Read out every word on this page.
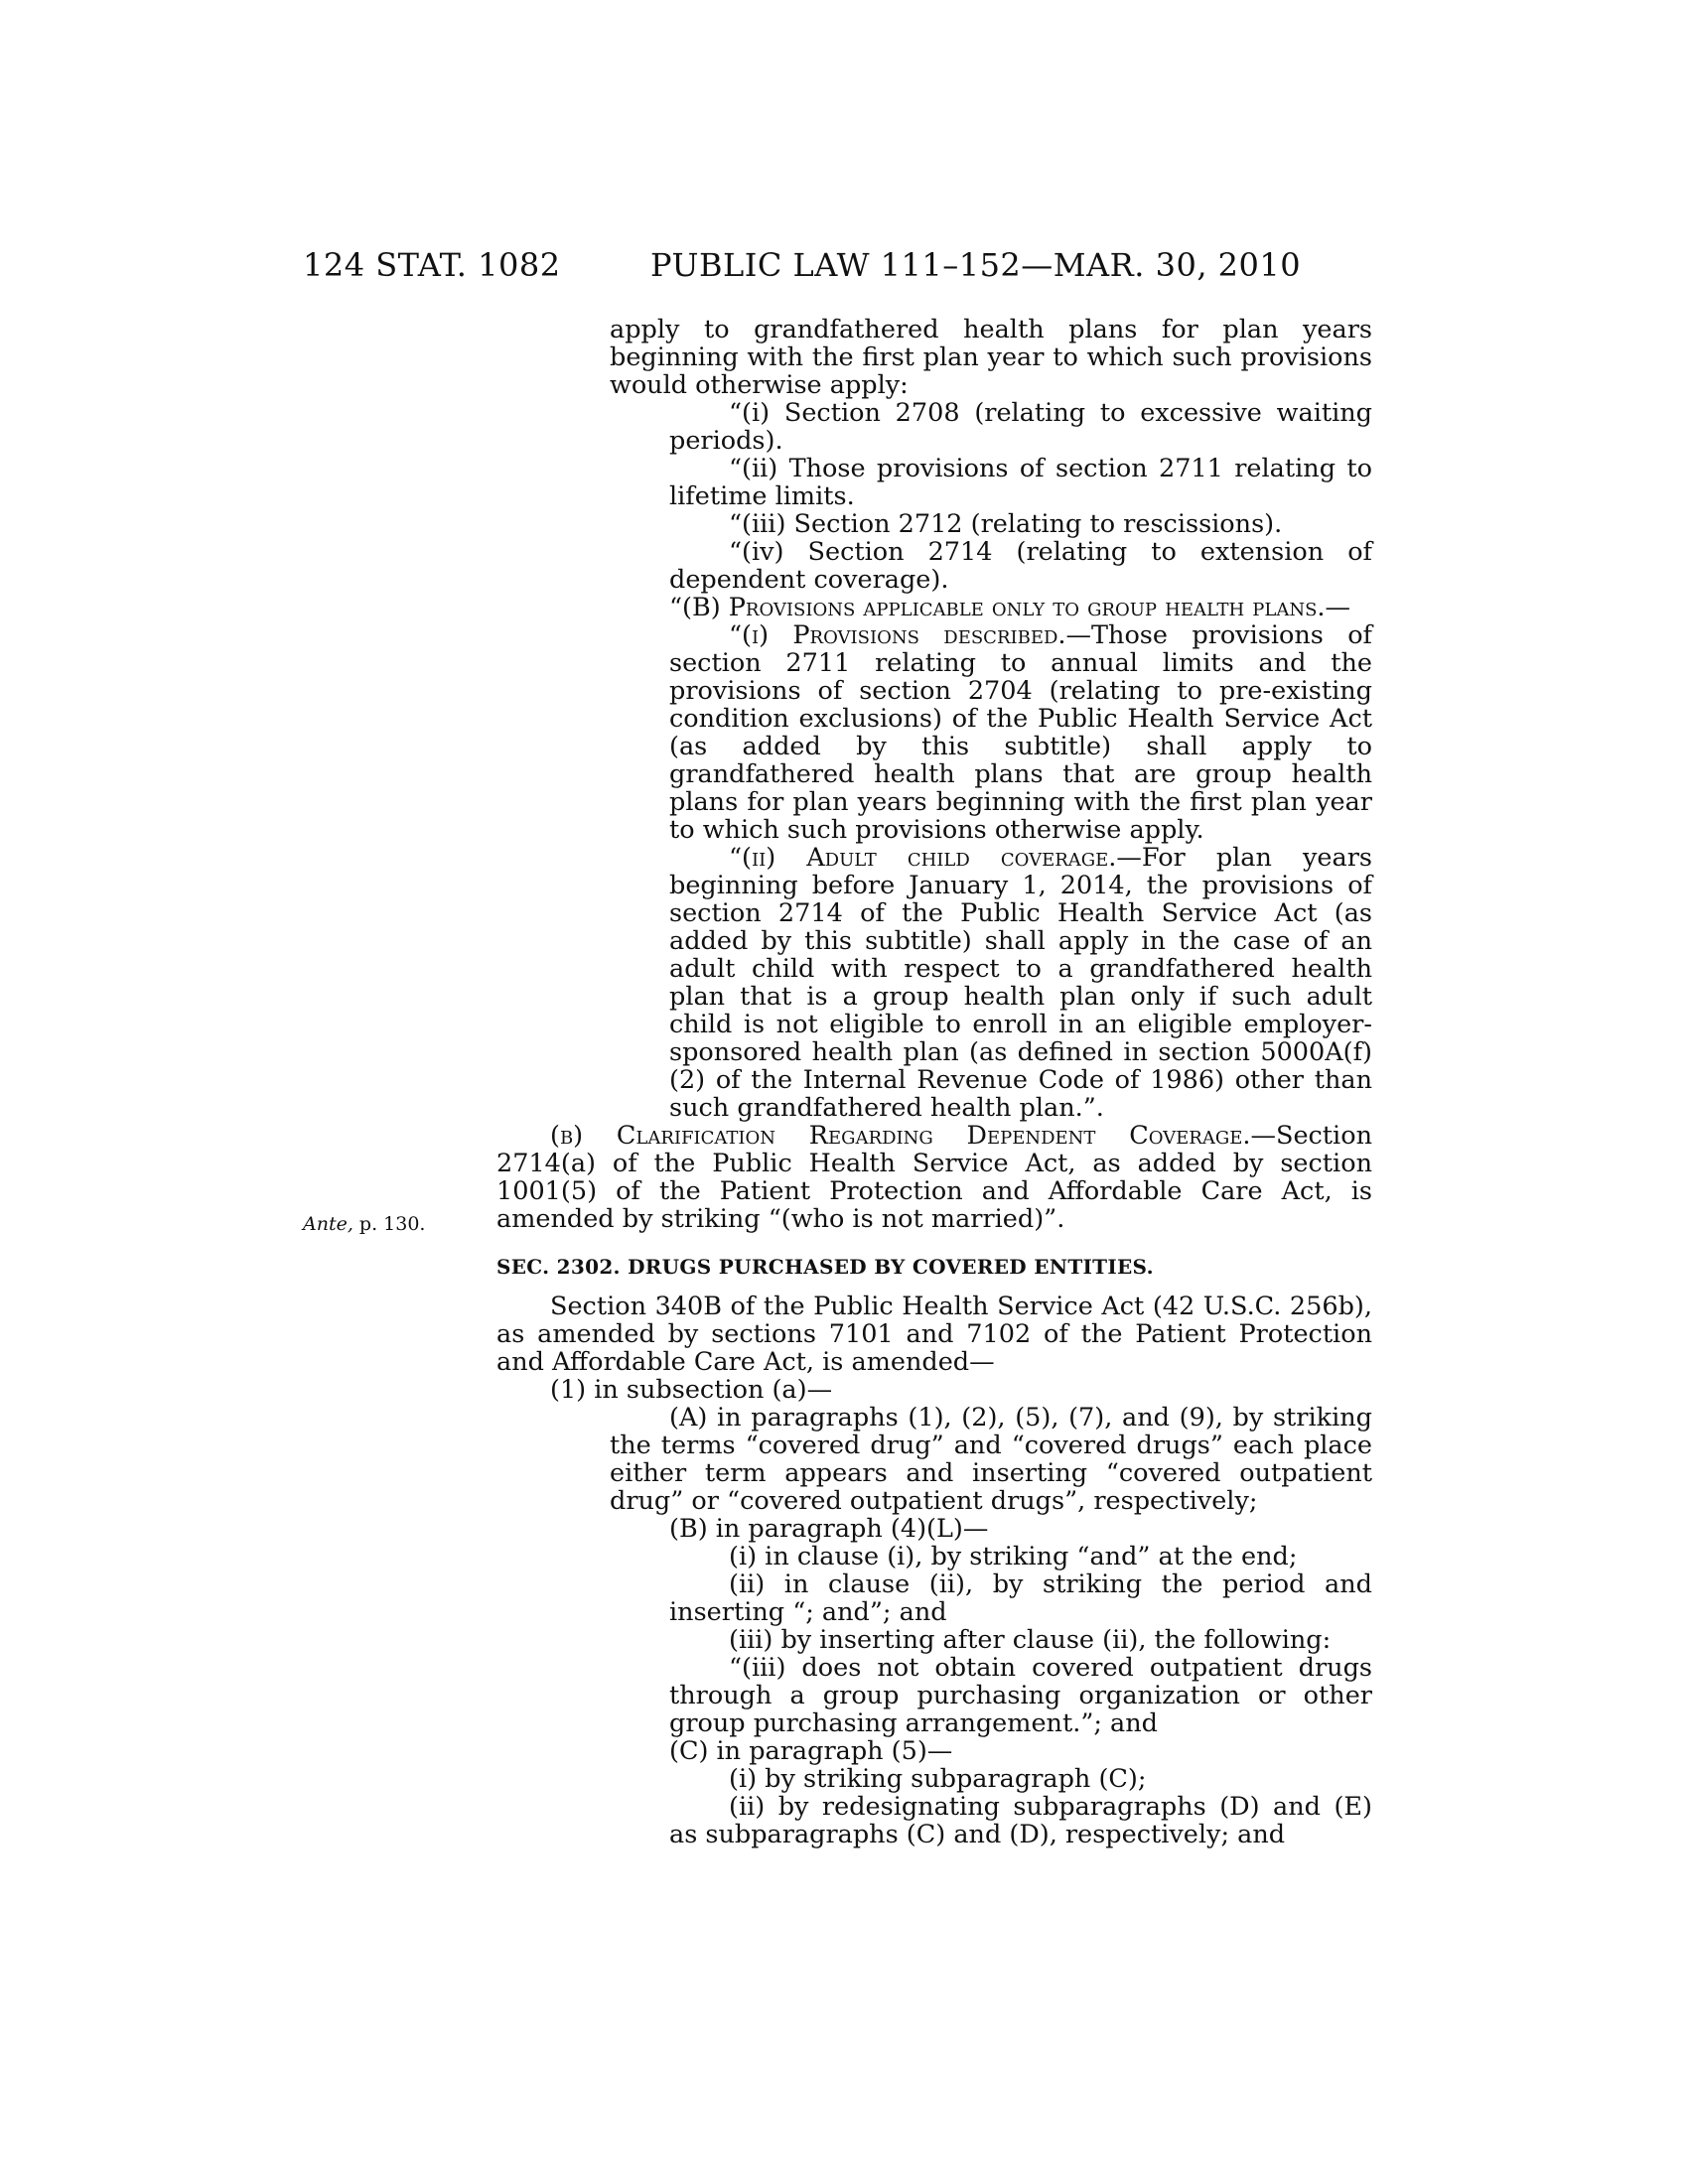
124 STAT. 1082	PUBLIC LAW 111–152—MAR. 30, 2010
Ante, p. 130.

apply to grandfathered health plans for plan years beginning with the first plan year to which such provisions would otherwise apply:

“(i) Section 2708 (relating to excessive waiting periods).

“(ii) Those provisions of section 2711 relating to lifetime limits.

“(iii) Section 2712 (relating to rescissions).

“(iv) Section 2714 (relating to extension of dependent coverage).

“(B) Provisions applicable only to group health plans.—

“(i) Provisions described.—Those provisions of section 2711 relating to annual limits and the provisions of section 2704 (relating to pre-existing condition exclusions) of the Public Health Service Act (as added by this subtitle) shall apply to grandfathered health plans that are group health plans for plan years beginning with the first plan year to which such provisions otherwise apply.

“(ii) Adult child coverage.—For plan years beginning before January 1, 2014, the provisions of section 2714 of the Public Health Service Act (as added by this subtitle) shall apply in the case of an adult child with respect to a grandfathered health plan that is a group health plan only if such adult child is not eligible to enroll in an eligible employer-sponsored health plan (as defined in section 5000A(f)(2) of the Internal Revenue Code of 1986) other than such grandfathered health plan.”.

(b) Clarification Regarding Dependent Coverage.—Section 2714(a) of the Public Health Service Act, as added by section 1001(5) of the Patient Protection and Affordable Care Act, is amended by striking “(who is not married)”.

SEC. 2302. DRUGS PURCHASED BY COVERED ENTITIES.

Section 340B of the Public Health Service Act (42 U.S.C. 256b), as amended by sections 7101 and 7102 of the Patient Protection and Affordable Care Act, is amended—

(1) in subsection (a)—

(A) in paragraphs (1), (2), (5), (7), and (9), by striking the terms “covered drug” and “covered drugs” each place either term appears and inserting “covered outpatient drug” or “covered outpatient drugs”, respectively;

(B) in paragraph (4)(L)—

(i) in clause (i), by striking “and” at the end;

(ii) in clause (ii), by striking the period and inserting “; and”; and

(iii) by inserting after clause (ii), the following:

“(iii) does not obtain covered outpatient drugs through a group purchasing organization or other group purchasing arrangement.”; and

(C) in paragraph (5)—

(i) by striking subparagraph (C);

(ii) by redesignating subparagraphs (D) and (E) as subparagraphs (C) and (D), respectively; and
